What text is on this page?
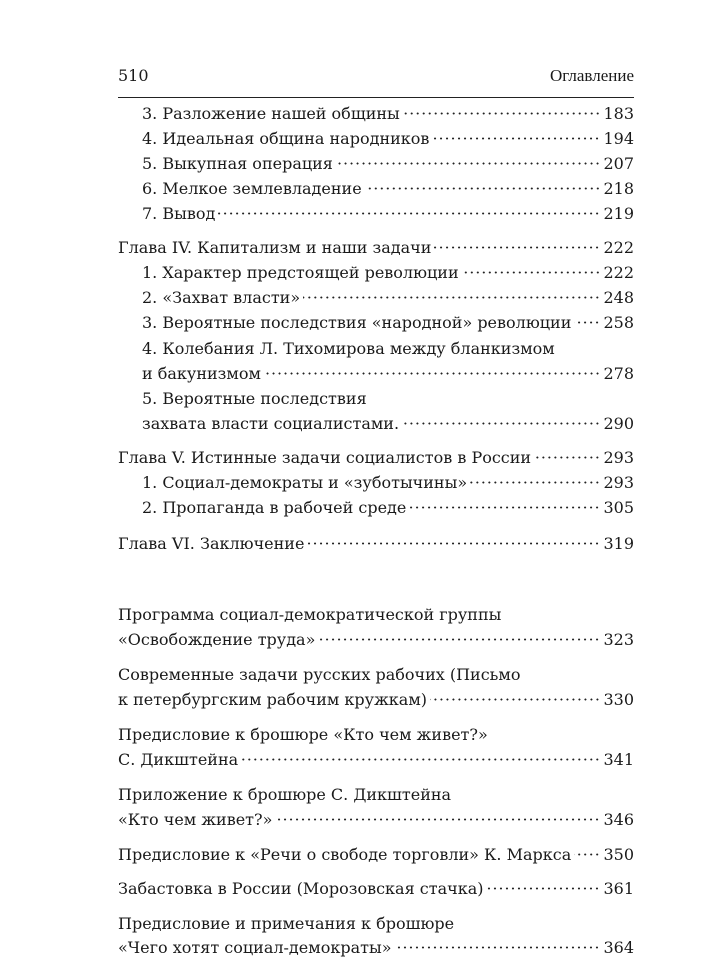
510	Оглавление
3. Разложение нашей общины	183
4. Идеальная община народников	194
5. Выкупная операция	207
6. Мелкое землевладение	218
7. Вывод	219
Глава IV. Капитализм и наши задачи	222
1. Характер предстоящей революции	222
2. «Захват власти»	248
3. Вероятные последствия «народной» революции 258
4. Колебания Л. Тихомирова между бланкизмом
и бакунизмом	278
5. Вероятные последствия
захвата власти социалистами.	290
Глава V. Истинные задачи социалистов в России	293
1. Социал-демократы и «зуботычины»	293
2. Пропаганда в рабочей среде	305
Глава VI. Заключение	319
Программа социал-демократической группы
«Освобождение труда»	323
Современные задачи русских рабочих (Письмо
к петербургским рабочим кружкам)	330
Предисловие к брошюре «Кто чем живет?»
С. Дикштейна	341
Приложение к брошюре С. Дикштейна
«Кто чем живет?»	346
Предисловие к «Речи о свободе торговли» К. Маркса 350
Забастовка в России (Морозовская стачка)	361
Предисловие и примечания к брошюре
«Чего хотят социал-демократы»	364
